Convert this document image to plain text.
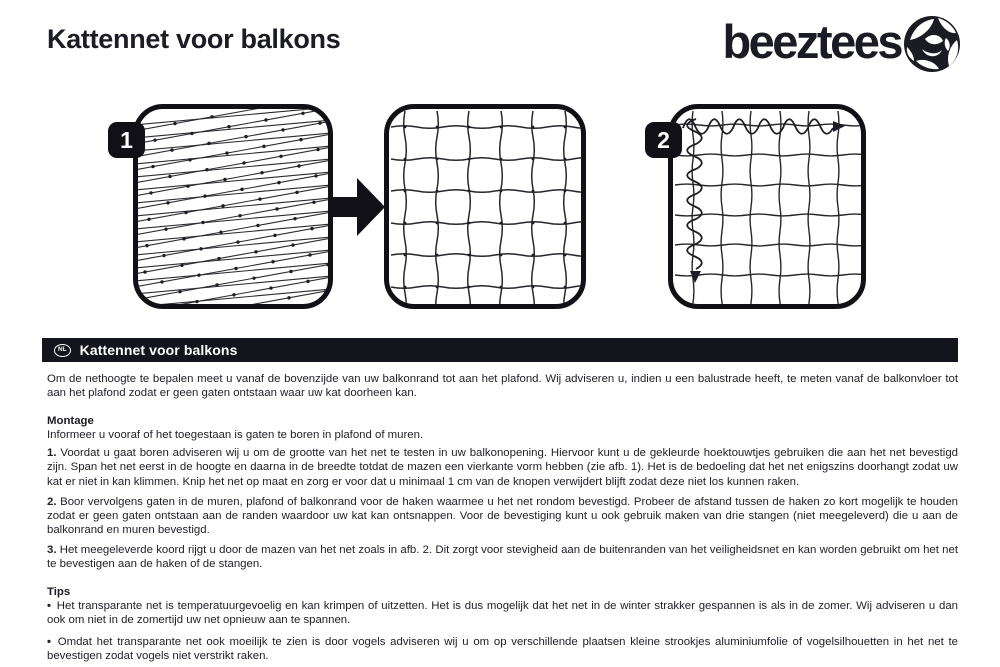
Kattennet voor balkons	beeztees
1	2
NL Kattennet voor balkons

Om de nethoogte te bepalen meet u vanaf de bovenzijde van uw balkonrand tot aan het plafond. Wij adviseren u, indien u een balustrade heeft, te meten vanaf de balkonvloer tot aan het plafond zodat er geen gaten ontstaan waar uw kat doorheen kan.

Montage

Informeer u vooraf of het toegestaan is gaten te boren in plafond of muren.

1. Voordat u gaat boren adviseren wij u om de grootte van het net te testen in uw balkonopening. Hiervoor kunt u de gekleurde hoektouwtjes gebruiken die aan het net bevestigd zijn. Span het net eerst in de hoogte en daarna in de breedte totdat de mazen een vierkante vorm hebben (zie afb. 1). Het is de bedoeling dat het net enigszins doorhangt zodat uw kat er niet in kan klimmen. Knip het net op maat en zorg er voor dat u minimaal 1 cm van de knopen verwijdert blijft zodat deze niet los kunnen raken.

2. Boor vervolgens gaten in de muren, plafond of balkonrand voor de haken waarmee u het net rondom bevestigd. Probeer de afstand tussen de haken zo kort mogelijk te houden zodat er geen gaten ontstaan aan de randen waardoor uw kat kan ontsnappen. Voor de bevestiging kunt u ook gebruik maken van drie stangen (niet meegeleverd) die u aan de balkonrand en muren bevestigd.

3. Het meegeleverde koord rijgt u door de mazen van het net zoals in afb. 2. Dit zorgt voor stevigheid aan de buitenranden van het veiligheidsnet en kan worden gebruikt om het net te bevestigen aan de haken of de stangen.

Tips

• Het transparante net is temperatuurgevoelig en kan krimpen of uitzetten. Het is dus mogelijk dat het net in de winter strakker gespannen is als in de zomer. Wij adviseren u dan ook om niet in de zomertijd uw net opnieuw aan te spannen.

• Omdat het transparante net ook moeilijk te zien is door vogels adviseren wij u om op verschillende plaatsen kleine strookjes aluminiumfolie of vogelsilhouetten in het net te bevestigen zodat vogels niet verstrikt raken.
